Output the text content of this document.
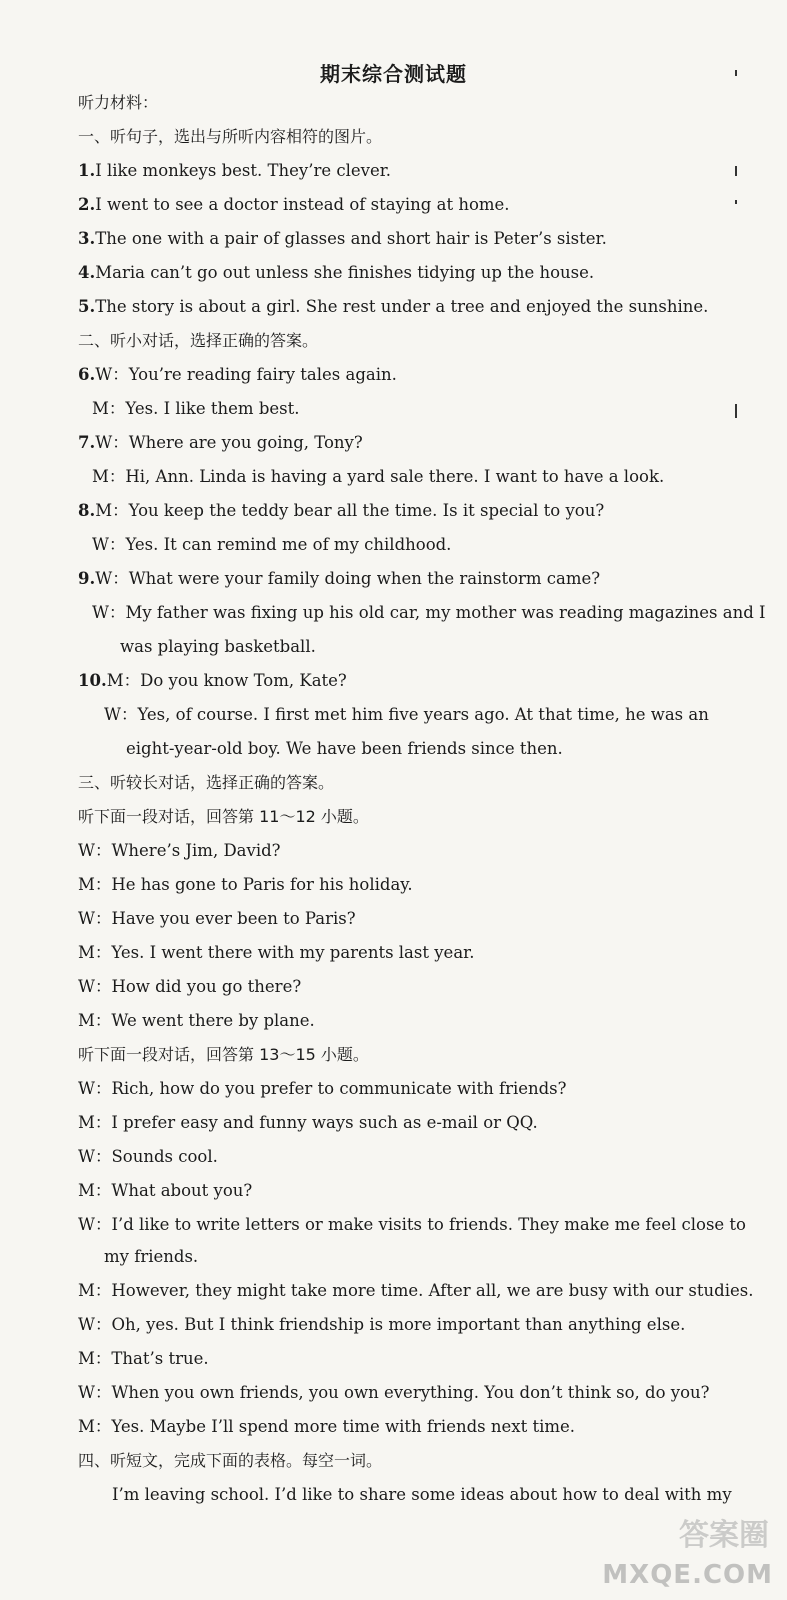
期末综合测试题
听力材料：
一、听句子，选出与所听内容相符的图片。
1.I like monkeys best. They’re clever.
2.I went to see a doctor instead of staying at home.
3.The one with a pair of glasses and short hair is Peter’s sister.
4.Maria can’t go out unless she finishes tidying up the house.
5.The story is about a girl. She rest under a tree and enjoyed the sunshine.
二、听小对话，选择正确的答案。
6.W：You’re reading fairy tales again.
M：Yes. I like them best.
7.W：Where are you going, Tony?
M：Hi, Ann. Linda is having a yard sale there. I want to have a look.
8.M：You keep the teddy bear all the time. Is it special to you?
W：Yes. It can remind me of my childhood.
9.W：What were your family doing when the rainstorm came?
W：My father was fixing up his old car, my mother was reading magazines and I
was playing basketball.
10.M：Do you know Tom, Kate?
W：Yes, of course. I first met him five years ago. At that time, he was an
eight-year-old boy. We have been friends since then.
三、听较长对话，选择正确的答案。
听下面一段对话，回答第 11～12 小题。
W：Where’s Jim, David?
M：He has gone to Paris for his holiday.
W：Have you ever been to Paris?
M：Yes. I went there with my parents last year.
W：How did you go there?
M：We went there by plane.
听下面一段对话，回答第 13～15 小题。
W：Rich, how do you prefer to communicate with friends?
M：I prefer easy and funny ways such as e-mail or QQ.
W：Sounds cool.
M：What about you?
W：I’d like to write letters or make visits to friends. They make me feel close to
my friends.
M：However, they might take more time. After all, we are busy with our studies.
W：Oh, yes. But I think friendship is more important than anything else.
M：That’s true.
W：When you own friends, you own everything. You don’t think so, do you?
M：Yes. Maybe I’ll spend more time with friends next time.
四、听短文，完成下面的表格。每空一词。
I’m leaving school. I’d like to share some ideas about how to deal with my
答案圈
MXQE.COM
